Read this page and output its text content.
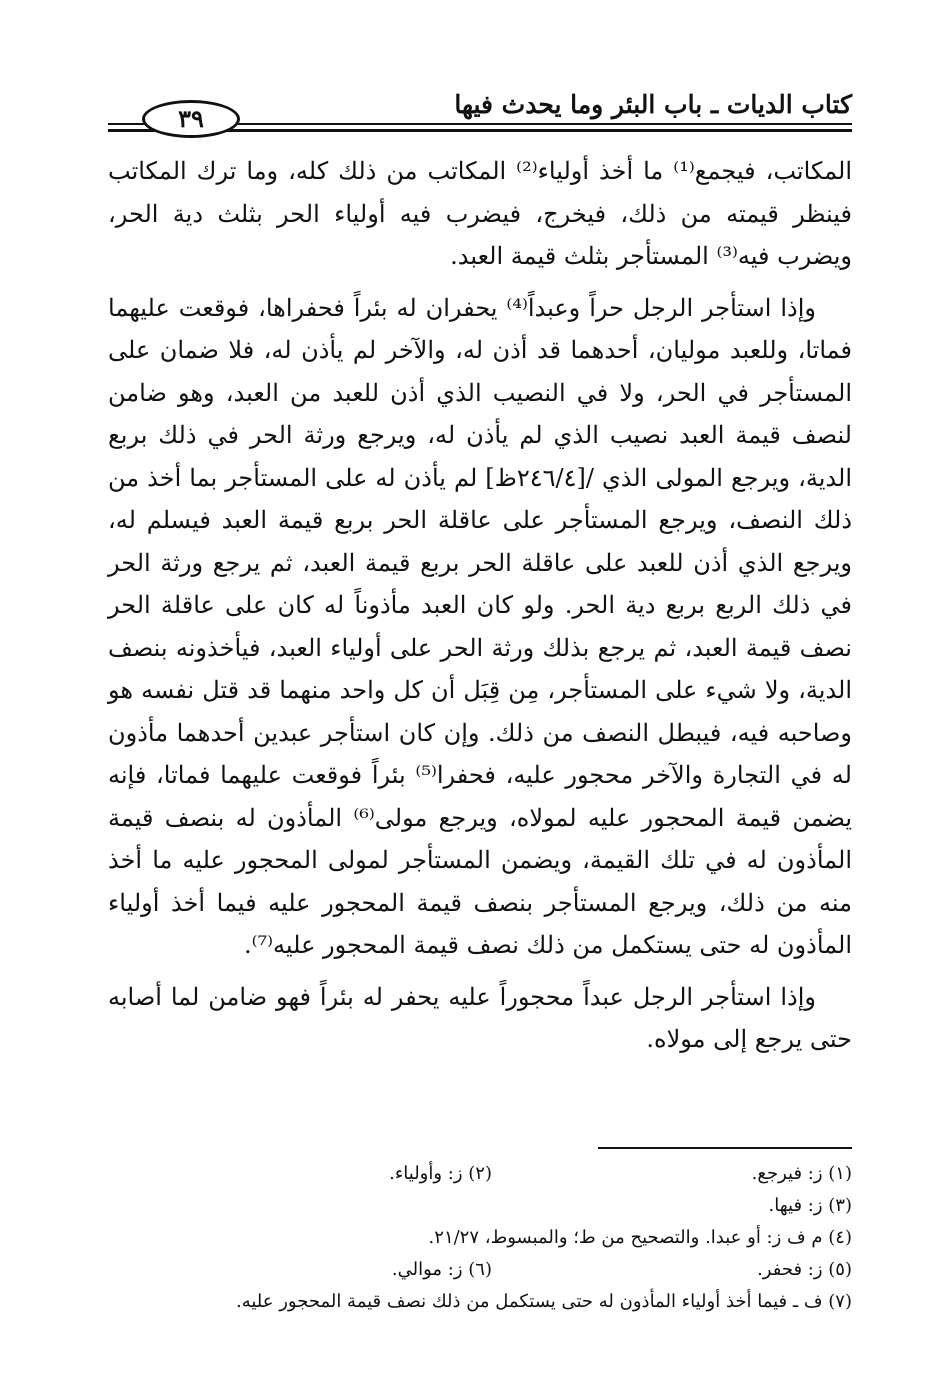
كتاب الديات ـ باب البئر وما يحدث فيها
٣٩

المكاتب، فيجمع⁽¹⁾ ما أخذ أولياء⁽²⁾ المكاتب من ذلك كله، وما ترك المكاتب فينظر قيمته من ذلك، فيخرج، فيضرب فيه أولياء الحر بثلث دية الحر، ويضرب فيه⁽³⁾ المستأجر بثلث قيمة العبد.

وإذا استأجر الرجل حراً وعبداً⁽⁴⁾ يحفران له بئراً فحفراها، فوقعت عليهما فماتا، وللعبد موليان، أحدهما قد أذن له، والآخر لم يأذن له، فلا ضمان على المستأجر في الحر، ولا في النصيب الذي أذن للعبد من العبد، وهو ضامن لنصف قيمة العبد نصيب الذي لم يأذن له، ويرجع ورثة الحر في ذلك بربع الدية، ويرجع المولى الذي /[٢٤٦/٤ظ] لم يأذن له على المستأجر بما أخذ من ذلك النصف، ويرجع المستأجر على عاقلة الحر بربع قيمة العبد فيسلم له، ويرجع الذي أذن للعبد على عاقلة الحر بربع قيمة العبد، ثم يرجع ورثة الحر في ذلك الربع بربع دية الحر. ولو كان العبد مأذوناً له كان على عاقلة الحر نصف قيمة العبد، ثم يرجع بذلك ورثة الحر على أولياء العبد، فيأخذونه بنصف الدية، ولا شيء على المستأجر، مِن قِبَل أن كل واحد منهما قد قتل نفسه هو وصاحبه فيه، فيبطل النصف من ذلك. وإن كان استأجر عبدين أحدهما مأذون له في التجارة والآخر محجور عليه، فحفرا⁽⁵⁾ بئراً فوقعت عليهما فماتا، فإنه يضمن قيمة المحجور عليه لمولاه، ويرجع مولى⁽⁶⁾ المأذون له بنصف قيمة المأذون له في تلك القيمة، ويضمن المستأجر لمولى المحجور عليه ما أخذ منه من ذلك، ويرجع المستأجر بنصف قيمة المحجور عليه فيما أخذ أولياء المأذون له حتى يستكمل من ذلك نصف قيمة المحجور عليه⁽⁷⁾.

وإذا استأجر الرجل عبداً محجوراً عليه يحفر له بئراً فهو ضامن لما أصابه حتى يرجع إلى مولاه.

(١) ز: فيرجع.
(٢) ز: وأولياء.
(٣) ز: فيها.
(٤) م ف ز: أو عبدا. والتصحيح من ط؛ والمبسوط، ٢١/٢٧.
(٥) ز: فحفر.
(٦) ز: موالي.
(٧) ف ـ فيما أخذ أولياء المأذون له حتى يستكمل من ذلك نصف قيمة المحجور عليه.
